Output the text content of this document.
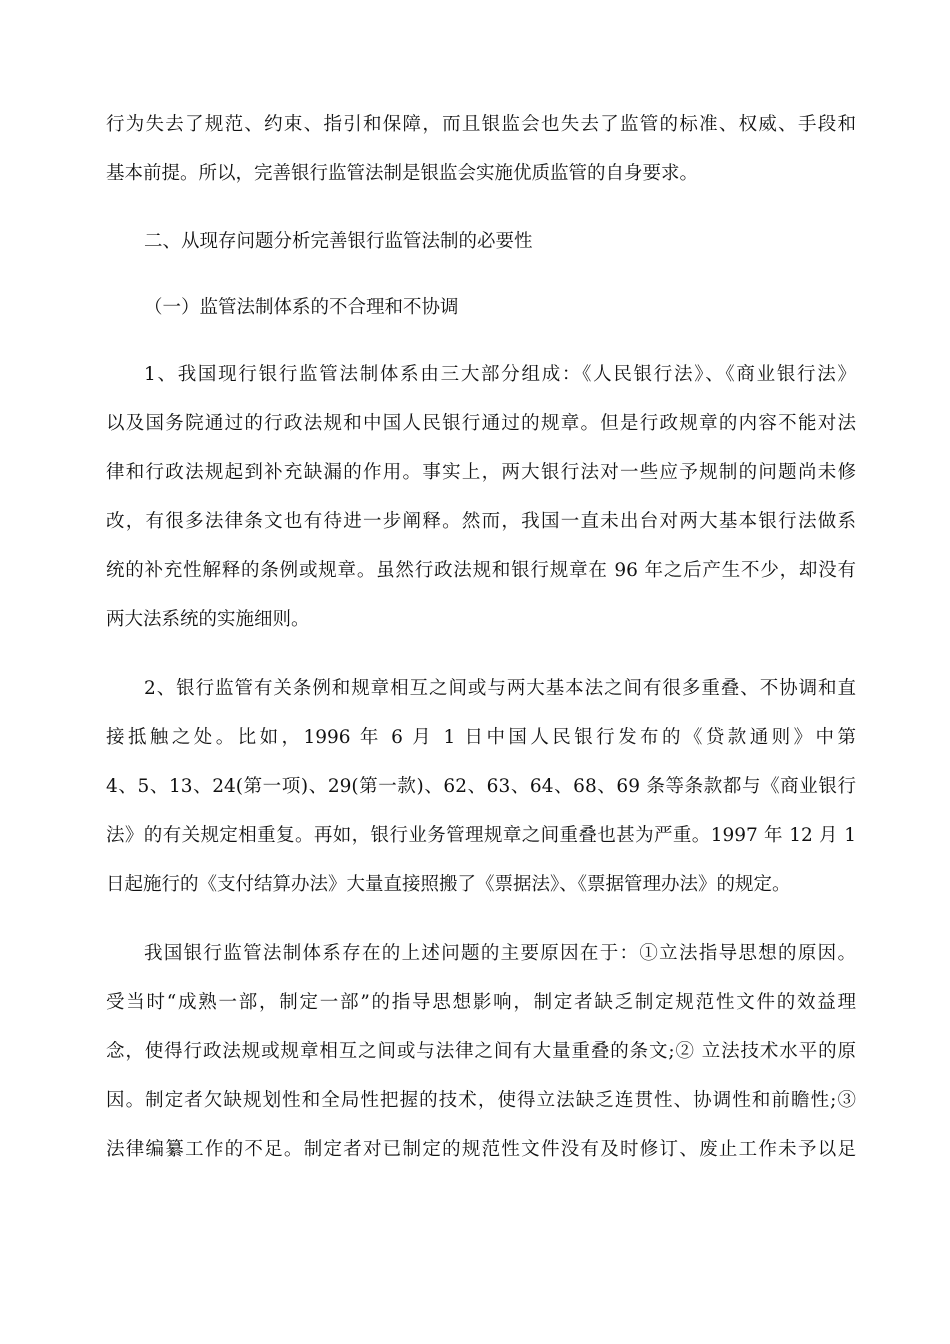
行为失去了规范、约束、指引和保障，而且银监会也失去了监管的标准、权威、手段和
基本前提。所以，完善银行监管法制是银监会实施优质监管的自身要求。
二、从现存问题分析完善银行监管法制的必要性
（一）监管法制体系的不合理和不协调
1、我国现行银行监管法制体系由三大部分组成：《人民银行法》、《商业银行法》
以及国务院通过的行政法规和中国人民银行通过的规章。但是行政规章的内容不能对法
律和行政法规起到补充缺漏的作用。事实上，两大银行法对一些应予规制的问题尚未修
改，有很多法律条文也有待进一步阐释。然而，我国一直未出台对两大基本银行法做系
统的补充性解释的条例或规章。虽然行政法规和银行规章在 96 年之后产生不少，却没有
两大法系统的实施细则。
2、银行监管有关条例和规章相互之间或与两大基本法之间有很多重叠、不协调和直
接抵触之处。比如，1996 年 6 月 1 日中国人民银行发布的《贷款通则》中第
4、5、13、24(第一项)、29(第一款)、62、63、64、68、69 条等条款都与《商业银行
法》的有关规定相重复。再如，银行业务管理规章之间重叠也甚为严重。1997 年 12 月 1
日起施行的《支付结算办法》大量直接照搬了《票据法》、《票据管理办法》的规定。
我国银行监管法制体系存在的上述问题的主要原因在于：①立法指导思想的原因。
受当时“成熟一部，制定一部”的指导思想影响，制定者缺乏制定规范性文件的效益理
念，使得行政法规或规章相互之间或与法律之间有大量重叠的条文;② 立法技术水平的原
因。制定者欠缺规划性和全局性把握的技术，使得立法缺乏连贯性、协调性和前瞻性;③
法律编纂工作的不足。制定者对已制定的规范性文件没有及时修订、废止工作未予以足
